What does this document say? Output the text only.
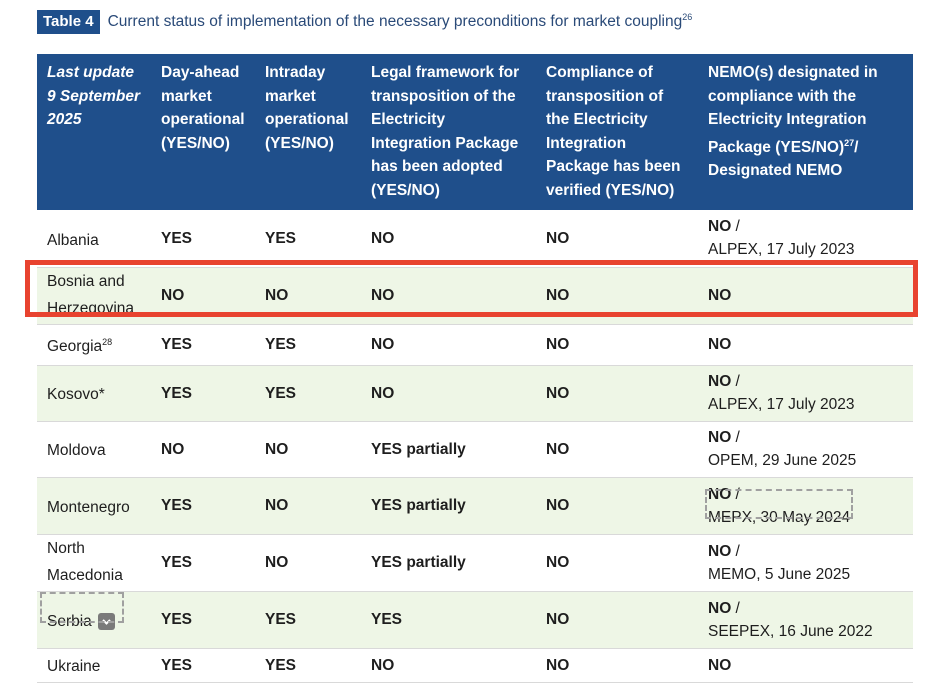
Table 4 Current status of implementation of the necessary preconditions for market coupling$^{26}$
Last update 9 September 2025	Day-ahead market operational (YES/NO)	Intraday market operational (YES/NO)	Legal framework for transposition of the Electricity Integration Package has been adopted (YES/NO)	Compliance of transposition of the Electricity Integration Package has been verified (YES/NO)	NEMO(s) designated in compliance with the Electricity Integration Package $(YES/NO)^{27}/$ Designated NEMO
Albania	YES	YES	NO	NO	NO /
ALPEX, 17 July 2023
Bosnia and Herzegovina	NO	NO	NO	NO	NO
Georgia$^{28}$	YES	YES	NO	NO	NO
Kosovo*	YES	YES	NO	NO	NO /
ALPEX, 17 July 2023
Moldova	NO	NO	YES partially	NO	NO /
OPEM, 29 June 2025
Montenegro	YES	NO	YES partially	NO	NO /
MEPX, 30 May 2024
North Macedonia	YES	NO	YES partially	NO	NO /
MEMO, 5 June 2025
Serbia	YES	YES	YES	NO	NO /
SEEPEX, 16 June 2022
Ukraine	YES	YES	NO	NO	NO
